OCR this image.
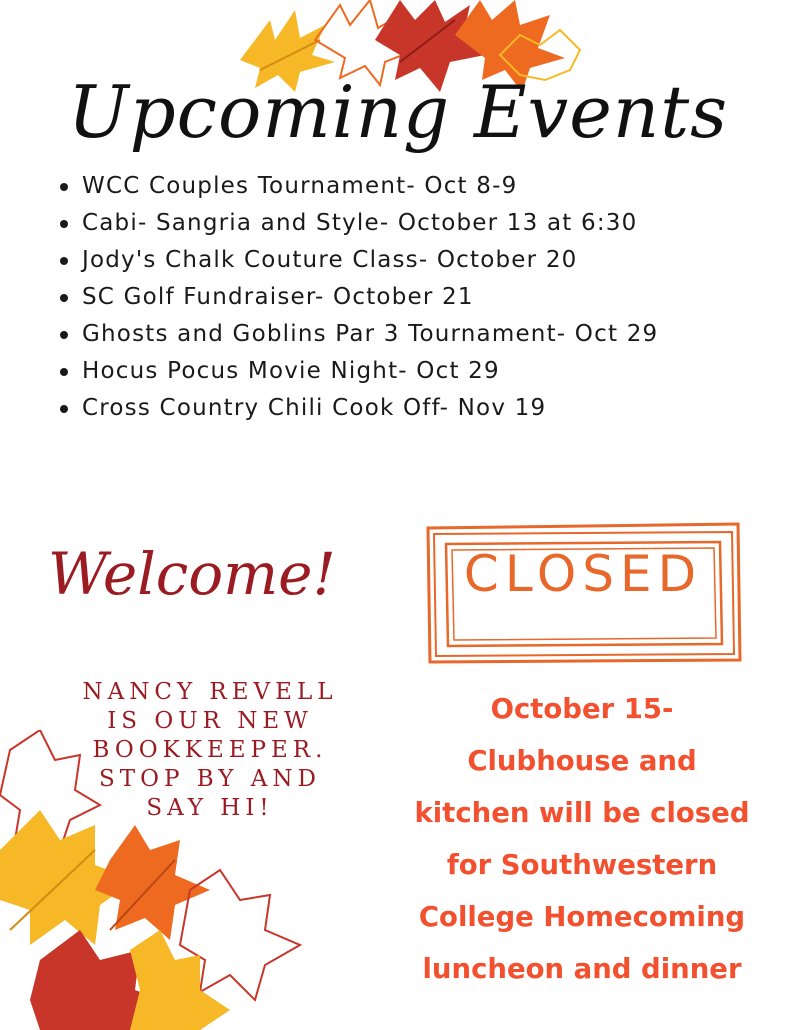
Upcoming Events
WCC Couples Tournament- Oct 8-9
Cabi- Sangria and Style- October 13 at 6:30
Jody's Chalk Couture Class- October 20
SC Golf Fundraiser- October 21
Ghosts and Goblins Par 3 Tournament- Oct 29
Hocus Pocus Movie Night- Oct 29
Cross Country Chili Cook Off- Nov 19
Welcome!
NANCY REVELL
IS OUR NEW
BOOKKEEPER.
STOP BY AND
SAY HI!
CLOSED
October 15-
Clubhouse and
kitchen will be closed
for Southwestern
College Homecoming
luncheon and dinner
